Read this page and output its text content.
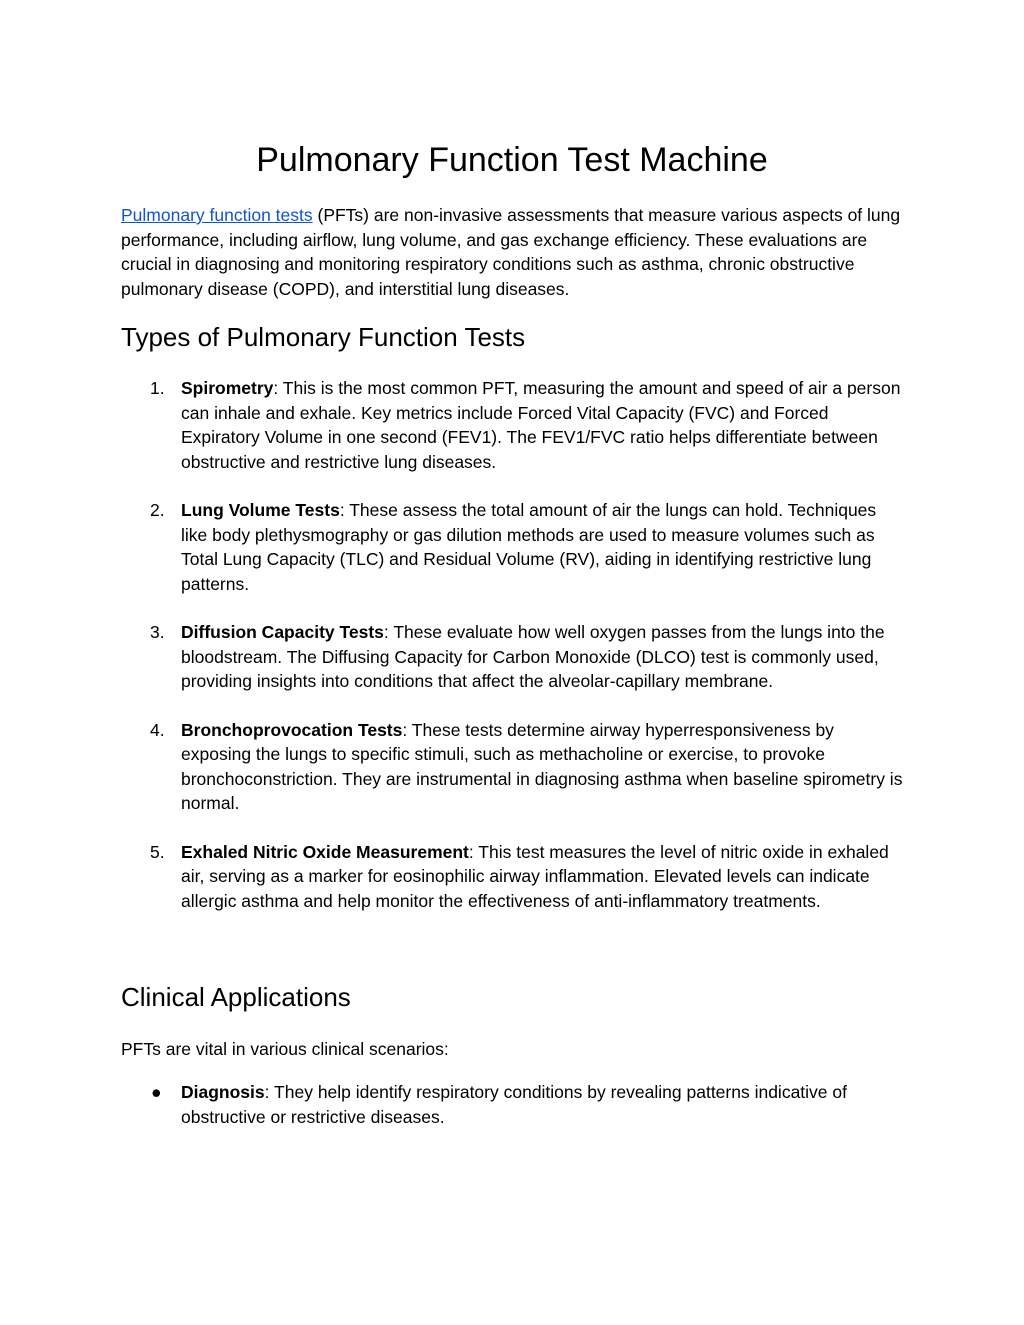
Pulmonary Function Test Machine

Pulmonary function tests (PFTs) are non-invasive assessments that measure various aspects of lung performance, including airflow, lung volume, and gas exchange efficiency. These evaluations are crucial in diagnosing and monitoring respiratory conditions such as asthma, chronic obstructive pulmonary disease (COPD), and interstitial lung diseases.

Types of Pulmonary Function Tests
1. Spirometry: This is the most common PFT, measuring the amount and speed of air a person can inhale and exhale. Key metrics include Forced Vital Capacity (FVC) and Forced Expiratory Volume in one second (FEV1). The FEV1/FVC ratio helps differentiate between obstructive and restrictive lung diseases.
2. Lung Volume Tests: These assess the total amount of air the lungs can hold. Techniques like body plethysmography or gas dilution methods are used to measure volumes such as Total Lung Capacity (TLC) and Residual Volume (RV), aiding in identifying restrictive lung patterns.
3. Diffusion Capacity Tests: These evaluate how well oxygen passes from the lungs into the bloodstream. The Diffusing Capacity for Carbon Monoxide (DLCO) test is commonly used, providing insights into conditions that affect the alveolar-capillary membrane.
4. Bronchoprovocation Tests: These tests determine airway hyperresponsiveness by exposing the lungs to specific stimuli, such as methacholine or exercise, to provoke bronchoconstriction. They are instrumental in diagnosing asthma when baseline spirometry is normal.
5. Exhaled Nitric Oxide Measurement: This test measures the level of nitric oxide in exhaled air, serving as a marker for eosinophilic airway inflammation. Elevated levels can indicate allergic asthma and help monitor the effectiveness of anti-inflammatory treatments.
Clinical Applications

PFTs are vital in various clinical scenarios:

● Diagnosis: They help identify respiratory conditions by revealing patterns indicative of obstructive or restrictive diseases.
